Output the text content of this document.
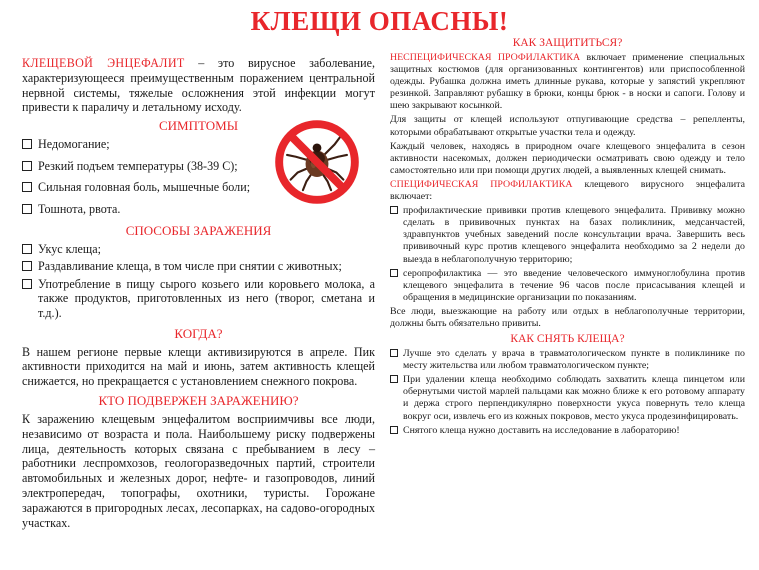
КЛЕЩИ ОПАСНЫ!

КЛЕЩЕВОЙ ЭНЦЕФАЛИТ – это вирусное заболевание, характеризующееся преимущественным поражением центральной нервной системы, тяжелые осложнения этой инфекции могут привести к параличу и летальному исходу.

СИМПТОМЫ
Недомогание;
Резкий подъем температуры (38-39 С);
Сильная головная боль, мышечные боли;
Тошнота, рвота.
СПОСОБЫ ЗАРАЖЕНИЯ
Укус клеща;
Раздавливание клеща, в том числе при снятии с животных;
Употребление в пищу сырого козьего или коровьего молока, а также продуктов, приготовленных из него (творог, сметана и т.д.).
КОГДА?

В нашем регионе первые клещи активизируются в апреле. Пик активности приходится на май и июнь, затем активность клещей снижается, но прекращается с установлением снежного покрова.

КТО ПОДВЕРЖЕН ЗАРАЖЕНИЮ?

К заражению клещевым энцефалитом восприимчивы все люди, независимо от возраста и пола. Наибольшему риску подвержены лица, деятельность которых связана с пребыванием в лесу – работники леспромхозов, геологоразведочных партий, строители автомобильных и железных дорог, нефте- и газопроводов, линий электропередач, топографы, охотники, туристы. Горожане заражаются в пригородных лесах, лесопарках, на садово-огородных участках.

КАК ЗАЩИТИТЬСЯ?

НЕСПЕЦИФИЧЕСКАЯ ПРОФИЛАКТИКА включает применение специальных защитных костюмов (для организованных контингентов) или приспособленной одежды. Рубашка должна иметь длинные рукава, которые у запястий укрепляют резинкой. Заправляют рубашку в брюки, концы брюк - в носки и сапоги. Голову и шею закрывают косынкой.

Для защиты от клещей используют отпугивающие средства – репелленты, которыми обрабатывают открытые участки тела и одежду.

Каждый человек, находясь в природном очаге клещевого энцефалита в сезон активности насекомых, должен периодически осматривать свою одежду и тело самостоятельно или при помощи других людей, а выявленных клещей снимать.

СПЕЦИФИЧЕСКАЯ ПРОФИЛАКТИКА клещевого вирусного энцефалита включает:

профилактические прививки против клещевого энцефалита. Прививку можно сделать в прививочных пунктах на базах поликлиник, медсанчастей, здравпунктов учебных заведений после консультации врача. Завершить весь прививочный курс против клещевого энцефалита необходимо за 2 недели до выезда в неблагополучную территорию;
серопрофилактика — это введение человеческого иммуноглобулина против клещевого энцефалита в течение 96 часов после присасывания клещей и обращения в медицинские организации по показаниям.

Все люди, выезжающие на работу или отдых в неблагополучные территории, должны быть обязательно привиты.

КАК СНЯТЬ КЛЕЩА?
Лучше это сделать у врача в травматологическом пункте в поликлинике по месту жительства или любом травматологическом пункте;
При удалении клеща необходимо соблюдать захватить клеща пинцетом или обернутыми чистой марлей пальцами как можно ближе к его ротовому аппарату и держа строго перпендикулярно поверхности укуса повернуть тело клеща вокруг оси, извлечь его из кожных покровов, место укуса продезинфицировать.
Снятого клеща нужно доставить на исследование в лабораторию!
